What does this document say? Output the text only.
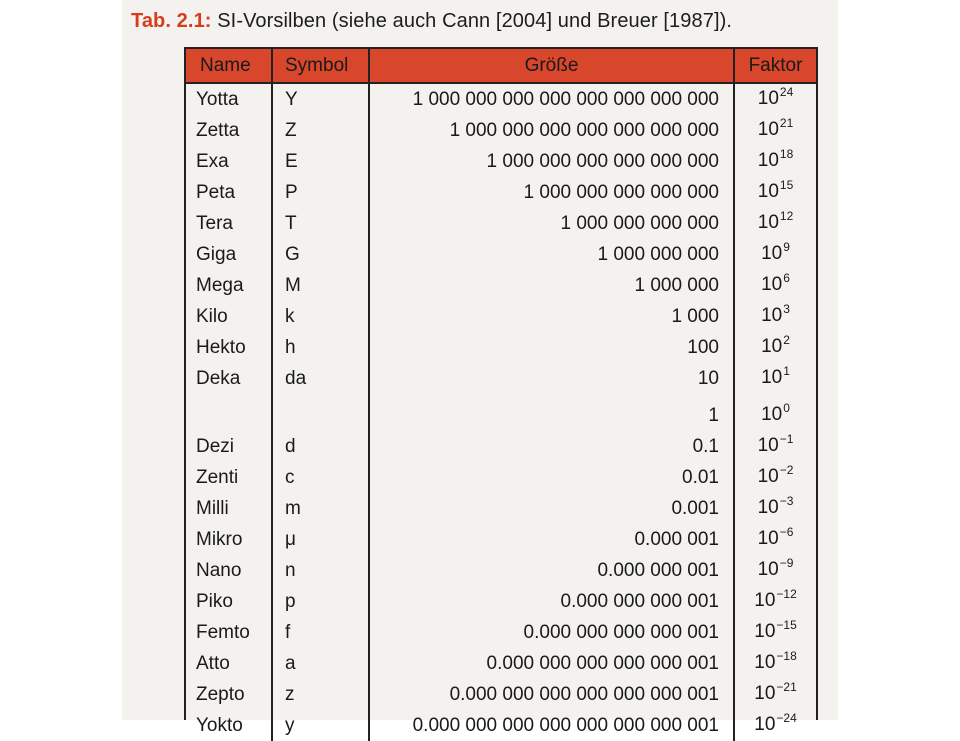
Tab. 2.1: SI-Vorsilben (siehe auch Cann [2004] und Breuer [1987]).
Name	Symbol	Größe	Faktor
Yotta	Y	1 000 000 000 000 000 000 000 000	$10^{24}$
Zetta	Z	1 000 000 000 000 000 000 000	$10^{21}$
Exa	E	1 000 000 000 000 000 000	$10^{18}$
Peta	P	1 000 000 000 000 000	$10^{15}$
Tera	T	1 000 000 000 000	$10^{12}$
Giga	G	1 000 000 000	$10^9$
Mega	M	1 000 000	$10^6$
Kilo	k	1 000	$10^3$
Hekto	h	100	$10^2$
Deka	da	10	$10^1$

		1	$10^0$
Dezi	d	0.1	$10^{-1}$
Zenti	c	0.01	$10^{-2}$
Milli	m	0.001	$10^{-3}$
Mikro	μ	0.000 001	$10^{-6}$
Nano	n	0.000 000 001	$10^{-9}$
Piko	p	0.000 000 000 001	$10^{-12}$
Femto	f	0.000 000 000 000 001	$10^{-15}$
Atto	a	0.000 000 000 000 000 001	$10^{-18}$
Zepto	z	0.000 000 000 000 000 000 001	$10^{-21}$
Yokto	y	0.000 000 000 000 000 000 000 001	$10^{-24}$
